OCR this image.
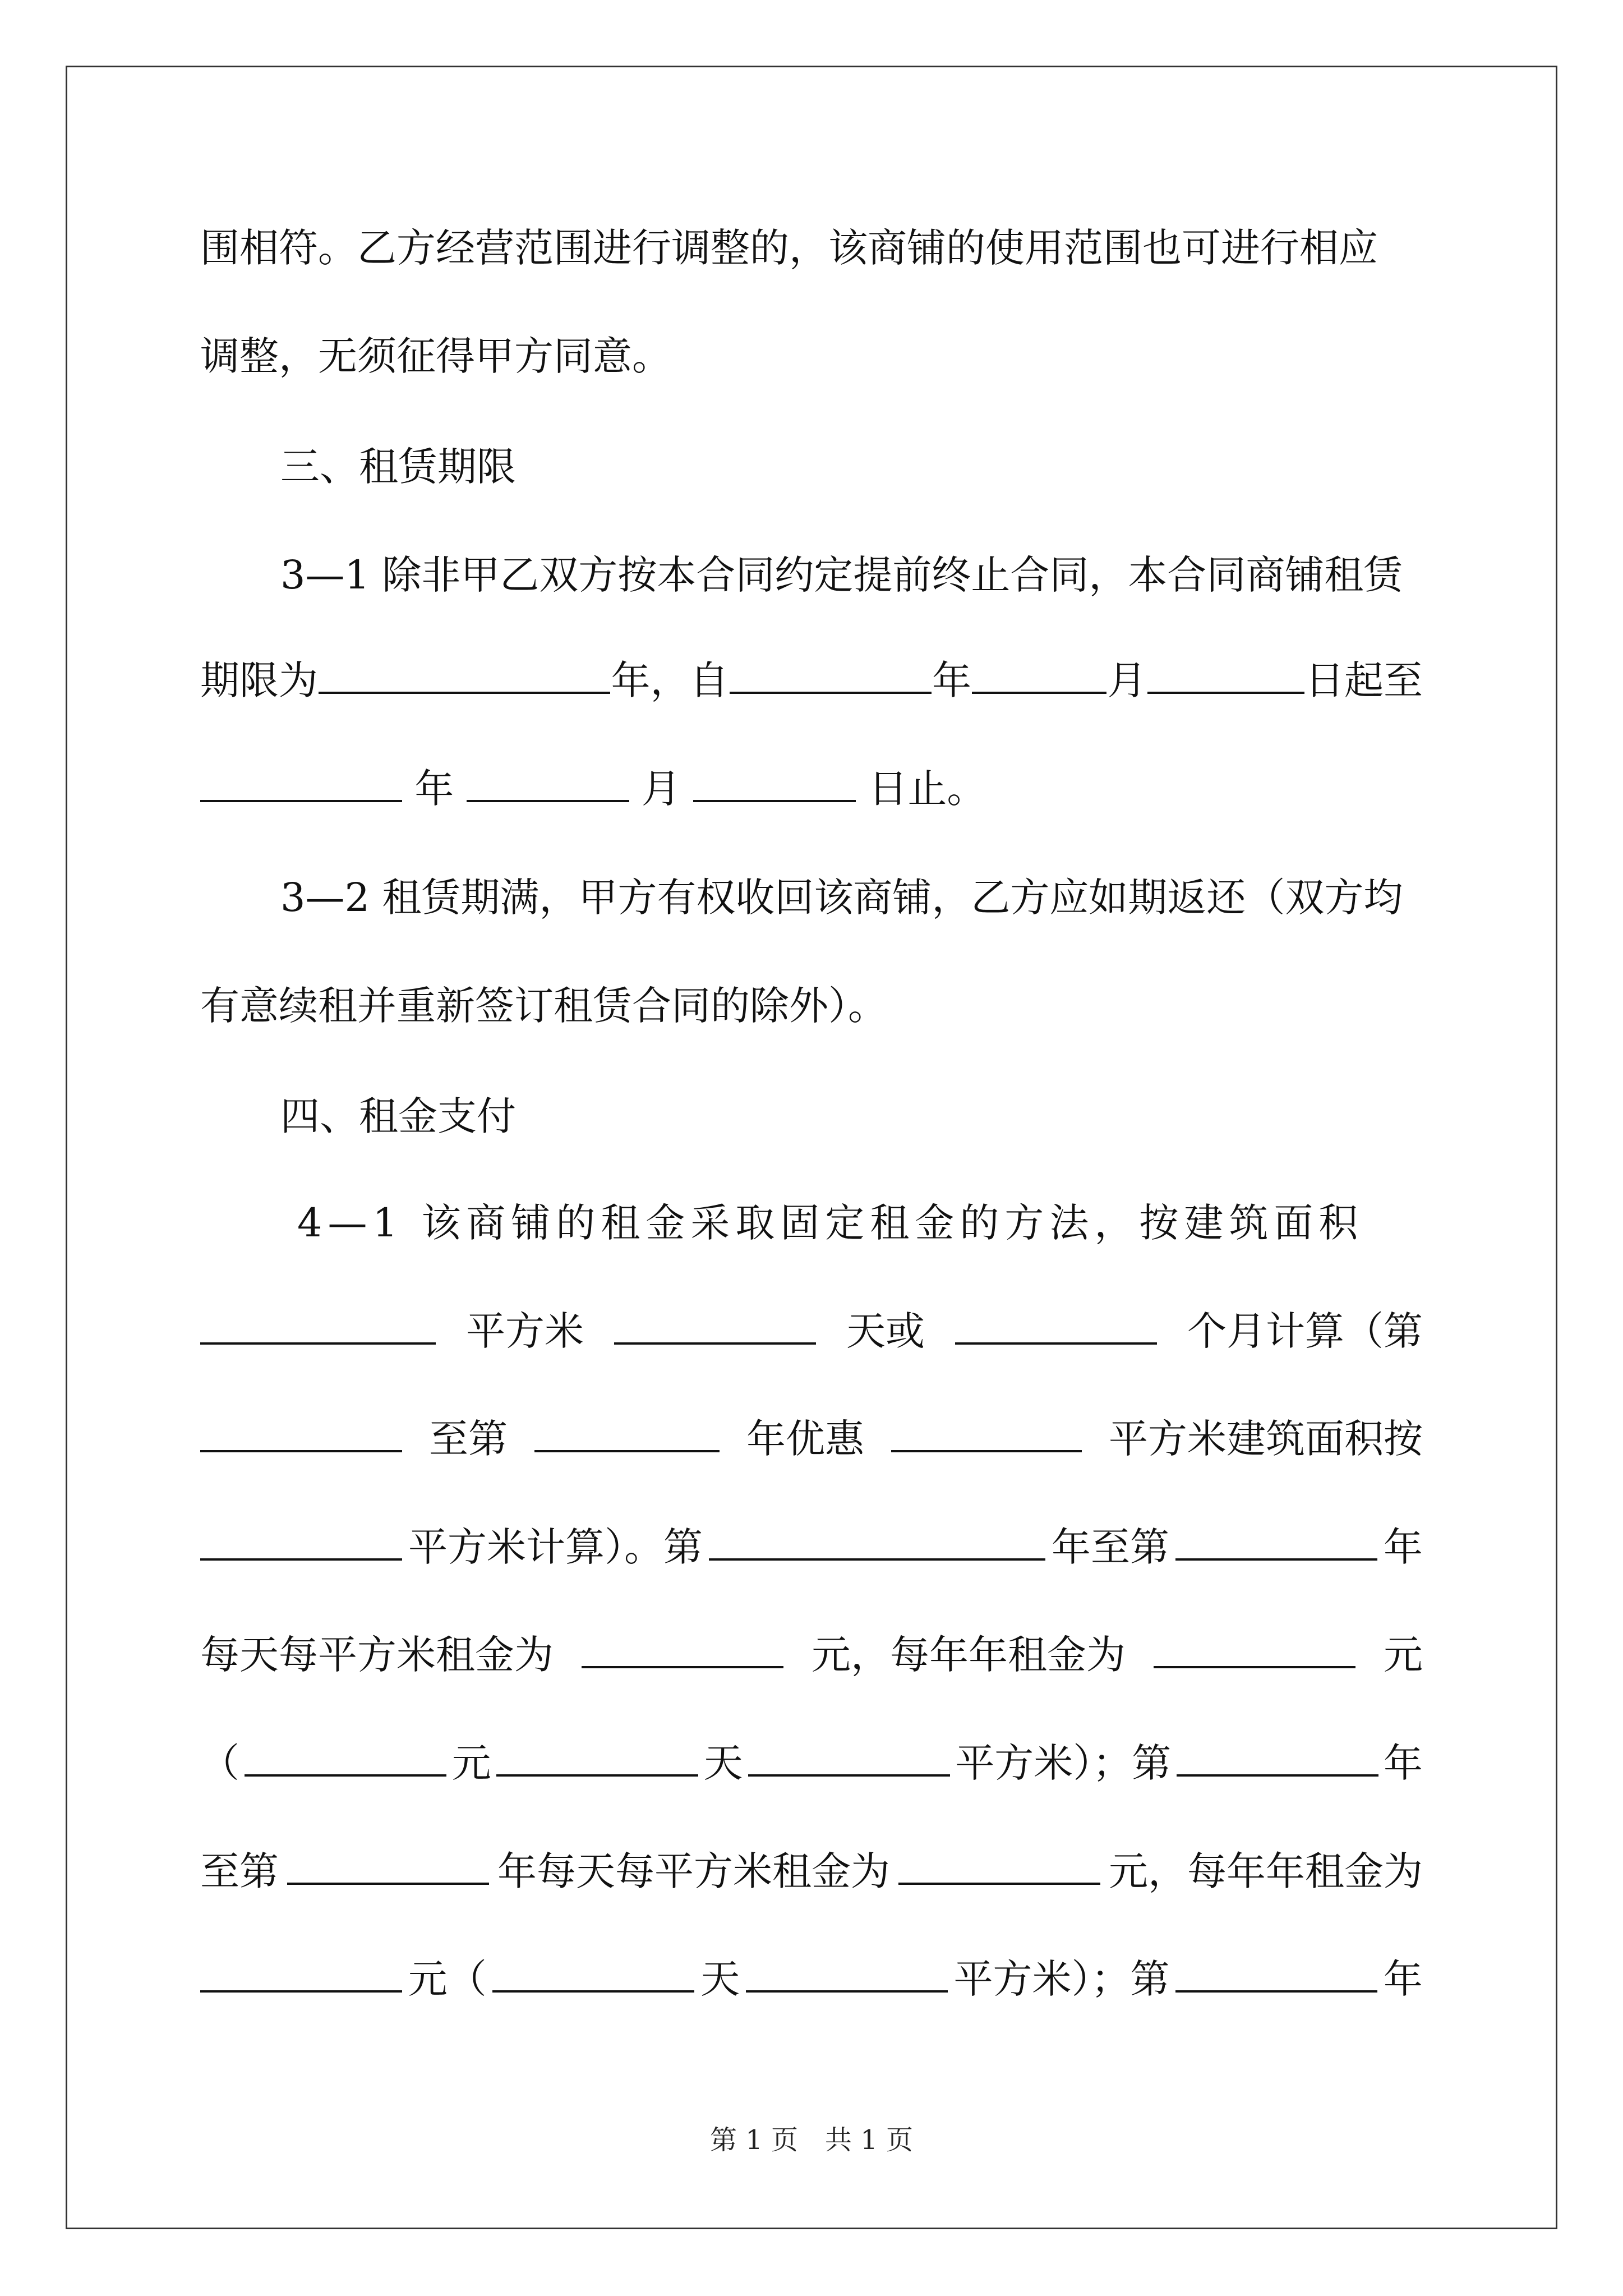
围相符。乙方经营范围进行调整的，该商铺的使用范围也可进行相应
调整，无须征得甲方同意。
三、租赁期限
3—1 除非甲乙双方按本合同约定提前终止合同，本合同商铺租赁
期限为	年，自	年	月	日起至
年	月	日止。
3—2 租赁期满，甲方有权收回该商铺，乙方应如期返还（双方均
有意续租并重新签订租赁合同的除外）。
四、租金支付
4—1 该商铺的租金采取固定租金的方法，按建筑面积
平方米	天或	个月计算（第
至第	年优惠	平方米建筑面积按
平方米计算）。第	年至第	年
每天每平方米租金为	元，每年年租金为	元
（	元	天	平方米）；第	年
至第	年每天每平方米租金为	元，每年年租金为
元（	天	平方米）；第	年
第 1 页　共 1 页
